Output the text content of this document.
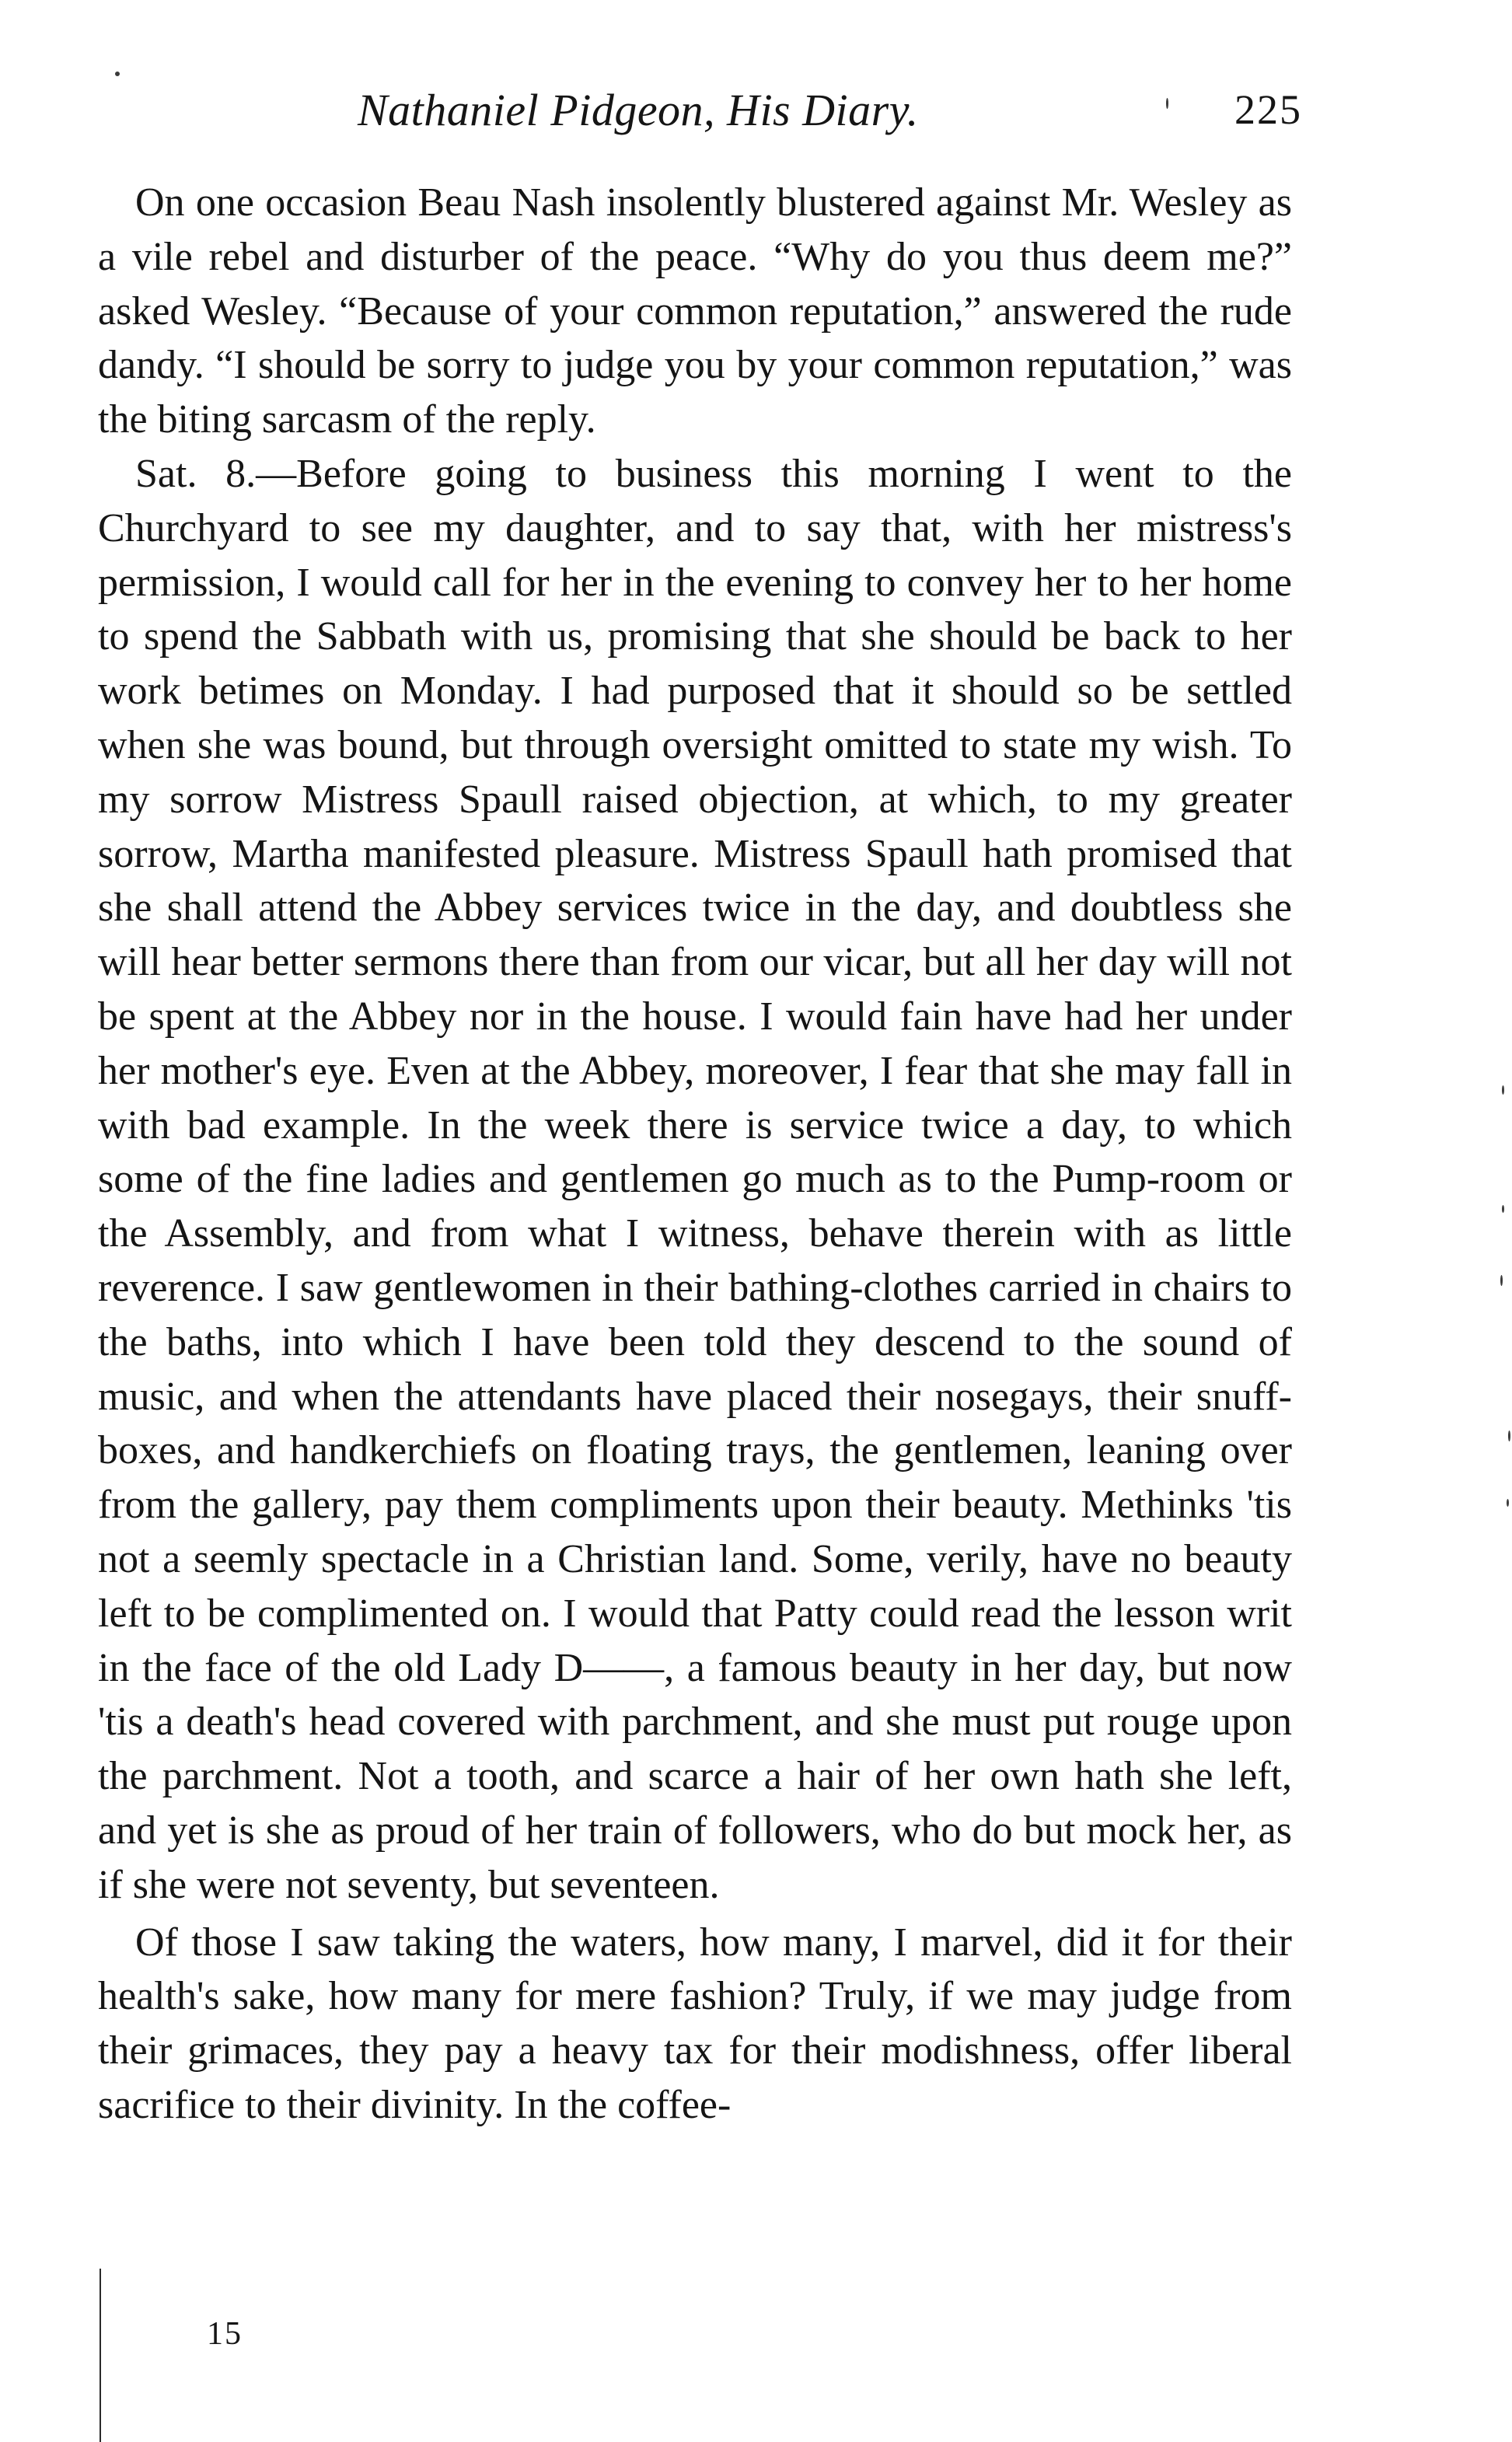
Nathaniel Pidgeon, His Diary.	225

On one occasion Beau Nash insolently blustered against Mr. Wesley as a vile rebel and disturber of the peace. “Why do you thus deem me?” asked Wesley. “Because of your common reputation,” answered the rude dandy. “I should be sorry to judge you by your common reputation,” was the biting sarcasm of the reply.

Sat. 8.—Before going to business this morning I went to the Churchyard to see my daughter, and to say that, with her mistress's permission, I would call for her in the evening to convey her to her home to spend the Sabbath with us, promising that she should be back to her work betimes on Monday. I had purposed that it should so be settled when she was bound, but through oversight omitted to state my wish. To my sorrow Mistress Spaull raised objection, at which, to my greater sorrow, Martha manifested pleasure. Mistress Spaull hath promised that she shall attend the Abbey services twice in the day, and doubtless she will hear better sermons there than from our vicar, but all her day will not be spent at the Abbey nor in the house. I would fain have had her under her mother's eye. Even at the Abbey, moreover, I fear that she may fall in with bad example. In the week there is service twice a day, to which some of the fine ladies and gentlemen go much as to the Pump-room or the Assembly, and from what I witness, behave therein with as little reverence. I saw gentlewomen in their bathing-clothes carried in chairs to the baths, into which I have been told they descend to the sound of music, and when the attendants have placed their nosegays, their snuff-boxes, and handkerchiefs on floating trays, the gentlemen, leaning over from the gallery, pay them compliments upon their beauty. Methinks 'tis not a seemly spectacle in a Christian land. Some, verily, have no beauty left to be complimented on. I would that Patty could read the lesson writ in the face of the old Lady D——, a famous beauty in her day, but now 'tis a death's head covered with parchment, and she must put rouge upon the parchment. Not a tooth, and scarce a hair of her own hath she left, and yet is she as proud of her train of followers, who do but mock her, as if she were not seventy, but seventeen.

Of those I saw taking the waters, how many, I marvel, did it for their health's sake, how many for mere fashion? Truly, if we may judge from their grimaces, they pay a heavy tax for their modishness, offer liberal sacrifice to their divinity. In the coffee-

15
